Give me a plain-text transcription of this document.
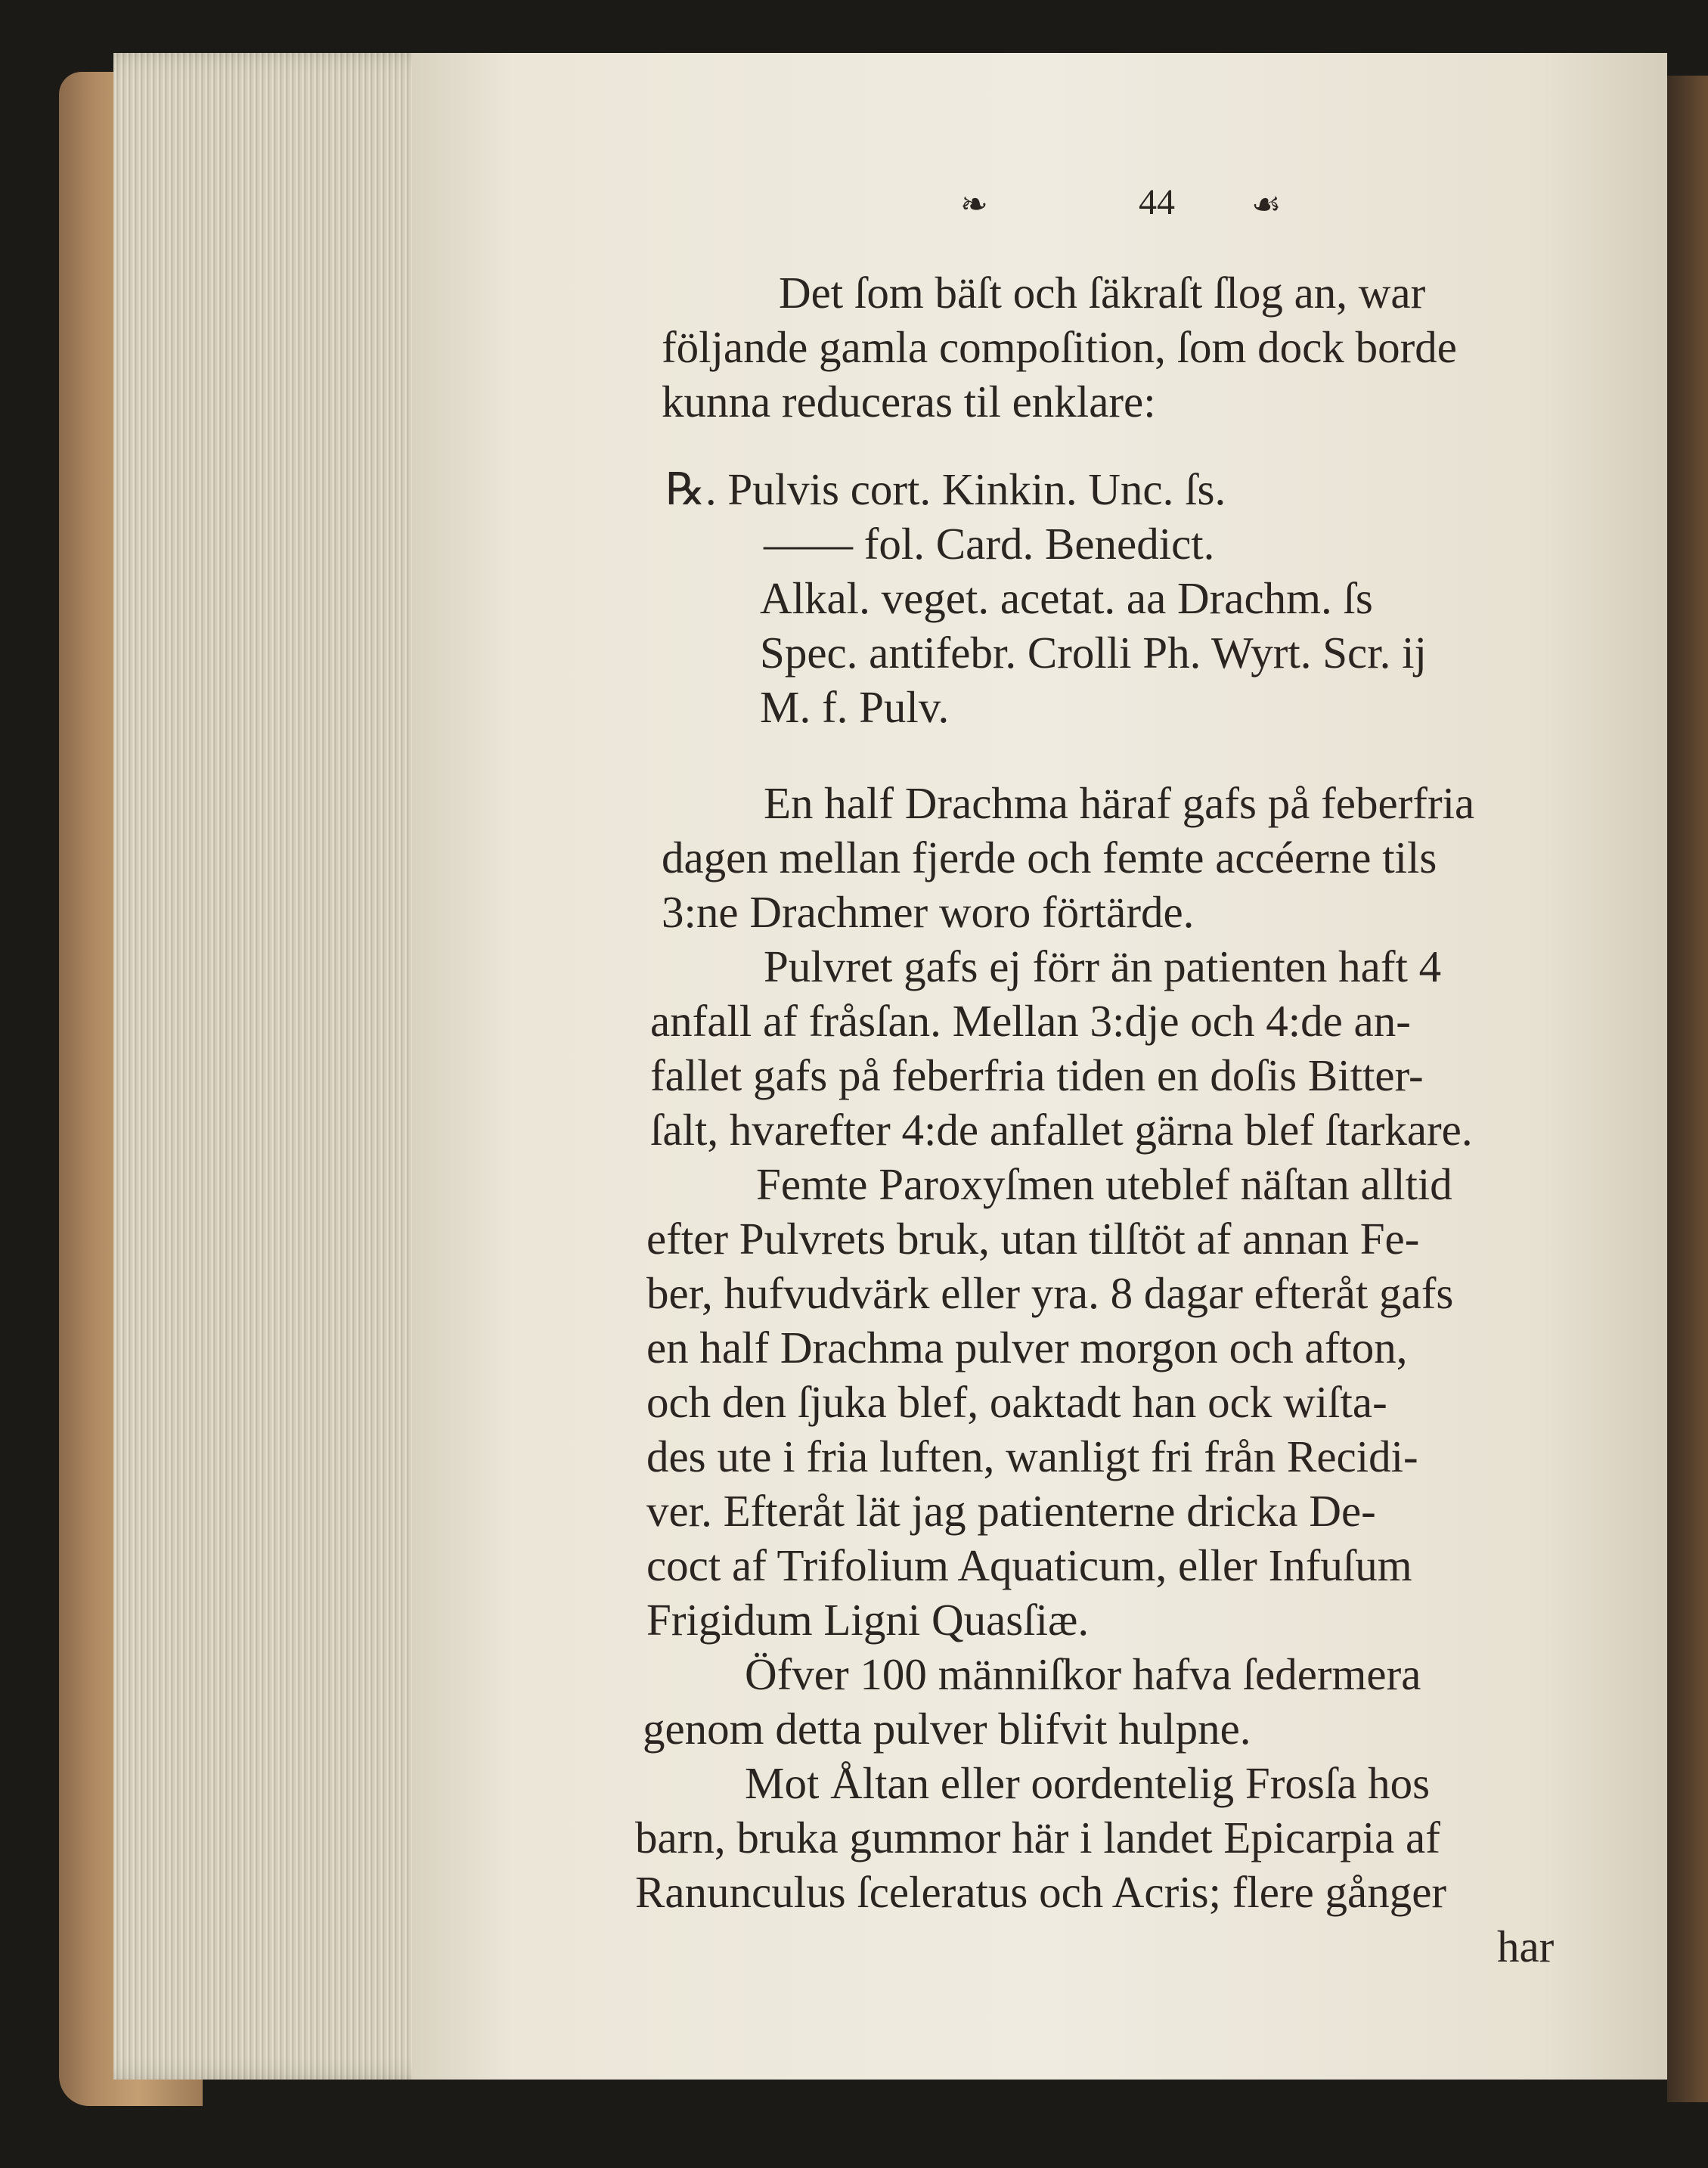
❧	44	☙
Det ſom bäſt och ſäkraſt ſlog an, war
följande gamla compoſition, ſom dock borde
kunna reduceras til enklare:
℞. Pulvis cort. Kinkin. Unc. ſs.
—— fol. Card. Benedict.
Alkal. veget. acetat. aa Drachm. ſs
Spec. antifebr. Crolli Ph. Wyrt. Scr. ij
M. f. Pulv.
En half Drachma häraf gafs på feberfria
dagen mellan fjerde och femte accéerne tils
3:ne Drachmer woro förtärde.
Pulvret gafs ej förr än patienten haft 4
anfall af fråsſan. Mellan 3:dje och 4:de an-
fallet gafs på feberfria tiden en doſis Bitter-
ſalt, hvarefter 4:de anfallet gärna blef ſtarkare.
Femte Paroxyſmen uteblef näſtan alltid
efter Pulvrets bruk, utan tilſtöt af annan Fe-
ber, hufvudvärk eller yra. 8 dagar efteråt gafs
en half Drachma pulver morgon och afton,
och den ſjuka blef, oaktadt han ock wiſta-
des ute i fria luften, wanligt fri från Recidi-
ver. Efteråt lät jag patienterne dricka De-
coct af Trifolium Aquaticum, eller Infuſum
Frigidum Ligni Quasſiæ.
Öfver 100 männiſkor hafva ſedermera
genom detta pulver blifvit hulpne.
Mot Åltan eller oordentelig Frosſa hos
barn, bruka gummor här i landet Epicarpia af
Ranunculus ſceleratus och Acris; flere gånger
har
